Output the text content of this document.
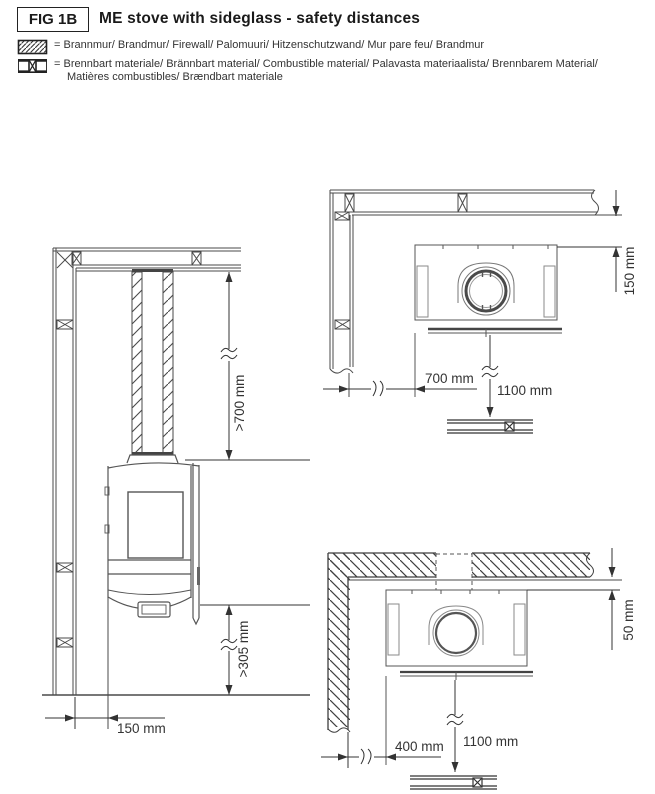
FIG 1B	ME stove with sideglass - safety distances
= Brannmur/ Brandmur/ Firewall/ Palomuuri/ Hitzenschutzwand/ Mur pare feu/ Brandmur
= Brennbart materiale/ Brännbart material/ Combustible material/ Palavasta materiaalista/ Brennbarem Material/
Matières combustibles/ Brændbart materiale
>700 mm
>305 mm
150 mm
150 mm
700 mm
1100 mm
50 mm
400 mm 1100 mm
